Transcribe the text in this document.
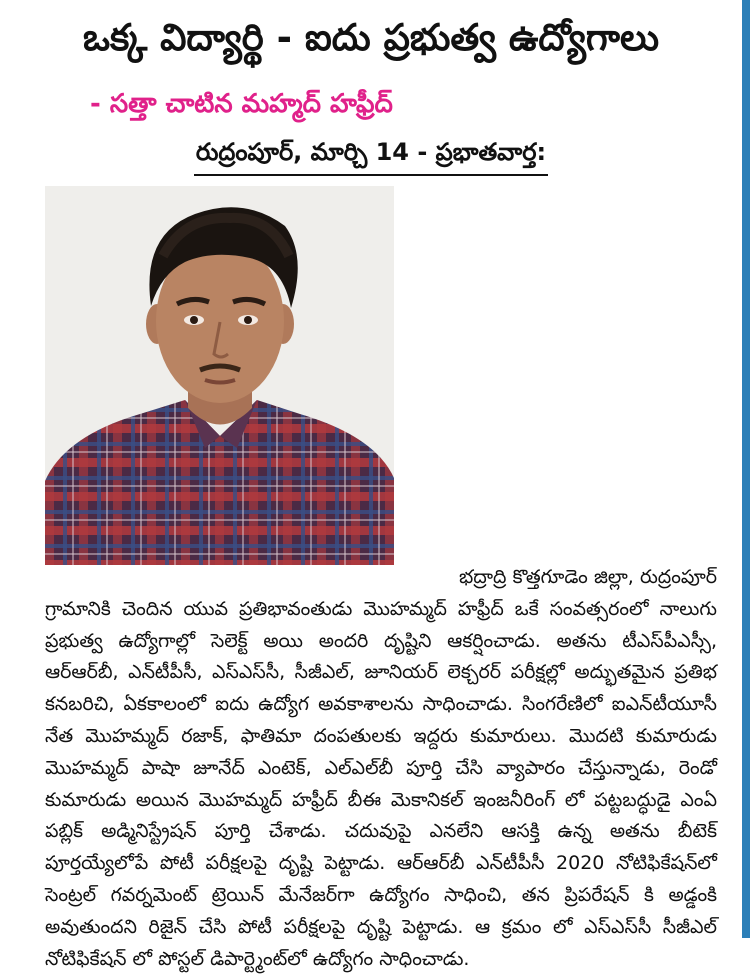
ఒక్క విద్యార్థి - ఐదు ప్రభుత్వ ఉద్యోగాలు
- సత్తా చాటిన మహ్మద్ హఫ్రీద్
రుద్రంపూర్, మార్చి 14 - ప్రభాతవార్త:
భద్రాద్రి కొత్తగూడెం జిల్లా, రుద్రంపూర్ గ్రామానికి చెందిన యువ ప్రతిభావంతుడు మొహమ్మద్ హఫ్రీద్ ఒకే సంవత్సరంలో నాలుగు ప్రభుత్వ ఉద్యోగాల్లో సెలెక్ట్ అయి అందరి దృష్టిని ఆకర్షించాడు. అతను టీఎస్‌పీఎస్సీ, ఆర్ఆర్‌బీ, ఎన్‌టీపీసీ, ఎస్ఎస్‌సీ, సీజీఎల్, జూనియర్ లెక్చరర్ పరీక్షల్లో అద్భుతమైన ప్రతిభ కనబరిచి, ఏకకాలంలో ఐదు ఉద్యోగ అవకాశాలను సాధించాడు. సింగరేణిలో ఐఎన్‌టీయూసీ నేత మొహమ్మద్ రజాక్, ఫాతిమా దంపతులకు ఇద్దరు కుమారులు. మొదటి కుమారుడు మొహమ్మద్ పాషా జూనేద్ ఎంటెక్, ఎల్ఎల్‌బీ పూర్తి చేసి వ్యాపారం చేస్తున్నాడు, రెండో కుమారుడు అయిన మొహమ్మద్ హఫ్రీద్ బీఈ మెకానికల్ ఇంజనీరింగ్ లో పట్టబద్ధుడై ఎంఏ పబ్లిక్ అడ్మినిస్ట్రేషన్ పూర్తి చేశాడు. చదువుపై ఎనలేని ఆసక్తి ఉన్న అతను బీటెక్ పూర్తయ్యేలోపే పోటీ పరీక్షలపై దృష్టి పెట్టాడు. ఆర్ఆర్‌బీ ఎన్‌టీపీసీ 2020 నోటిఫికేషన్‌లో సెంట్రల్ గవర్నమెంట్ ట్రెయిన్ మేనేజర్‌గా ఉద్యోగం సాధించి, తన ప్రిపరేషన్ కి అడ్డంకి అవుతుందని రిజైన్ చేసి పోటీ పరీక్షలపై దృష్టి పెట్టాడు. ఆ క్రమం లో ఎస్ఎస్‌సీ సీజీఎల్ నోటిఫికేషన్ లో పోస్టల్ డిపార్ట్మెంట్‌లో ఉద్యోగం సాధించాడు.
